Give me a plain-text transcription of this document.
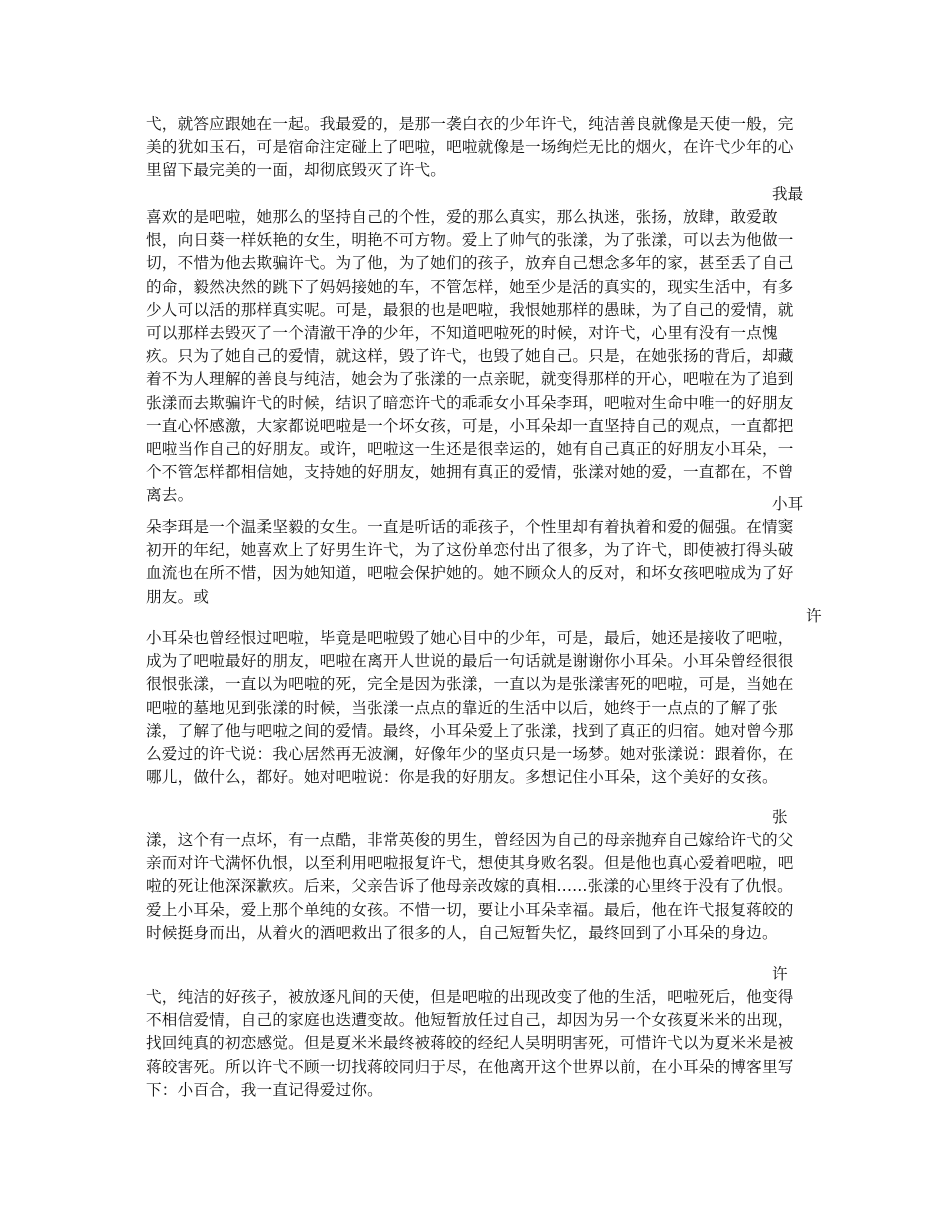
弋，就答应跟她在一起。我最爱的，是那一袭白衣的少年许弋，纯洁善良就像是天使一般，完美的犹如玉石，可是宿命注定碰上了吧啦，吧啦就像是一场绚烂无比的烟火，在许弋少年的心里留下最完美的一面，却彻底毁灭了许弋。

我最

喜欢的是吧啦，她那么的坚持自己的个性，爱的那么真实，那么执迷，张扬，放肆，敢爱敢恨，向日葵一样妖艳的女生，明艳不可方物。爱上了帅气的张漾，为了张漾，可以去为他做一切，不惜为他去欺骗许弋。为了他，为了她们的孩子，放弃自己想念多年的家，甚至丢了自己的命，毅然决然的跳下了妈妈接她的车，不管怎样，她至少是活的真实的，现实生活中，有多少人可以活的那样真实呢。可是，最狠的也是吧啦，我恨她那样的愚昧，为了自己的爱情，就可以那样去毁灭了一个清澈干净的少年，不知道吧啦死的时候，对许弋，心里有没有一点愧疚。只为了她自己的爱情，就这样，毁了许弋，也毁了她自己。只是，在她张扬的背后，却藏着不为人理解的善良与纯洁，她会为了张漾的一点亲昵，就变得那样的开心，吧啦在为了追到张漾而去欺骗许弋的时候，结识了暗恋许弋的乖乖女小耳朵李珥，吧啦对生命中唯一的好朋友一直心怀感激，大家都说吧啦是一个坏女孩，可是，小耳朵却一直坚持自己的观点，一直都把吧啦当作自己的好朋友。或许，吧啦这一生还是很幸运的，她有自己真正的好朋友小耳朵，一个不管怎样都相信她，支持她的好朋友，她拥有真正的爱情，张漾对她的爱，一直都在，不曾离去。	小耳

朵李珥是一个温柔坚毅的女生。一直是听话的乖孩子，个性里却有着执着和爱的倔强。在情窦初开的年纪，她喜欢上了好男生许弋，为了这份单恋付出了很多，为了许弋，即使被打得头破血流也在所不惜，因为她知道，吧啦会保护她的。她不顾众人的反对，和坏女孩吧啦成为了好朋友。或

许

小耳朵也曾经恨过吧啦，毕竟是吧啦毁了她心目中的少年，可是，最后，她还是接收了吧啦，成为了吧啦最好的朋友，吧啦在离开人世说的最后一句话就是谢谢你小耳朵。小耳朵曾经很很很恨张漾，一直以为吧啦的死，完全是因为张漾，一直以为是张漾害死的吧啦，可是，当她在吧啦的墓地见到张漾的时候，当张漾一点点的靠近的生活中以后，她终于一点点的了解了张漾，了解了他与吧啦之间的爱情。最终，小耳朵爱上了张漾，找到了真正的归宿。她对曾今那么爱过的许弋说：我心居然再无波澜，好像年少的坚贞只是一场梦。她对张漾说：跟着你，在哪儿，做什么，都好。她对吧啦说：你是我的好朋友。多想记住小耳朵，这个美好的女孩。

张

漾，这个有一点坏，有一点酷，非常英俊的男生，曾经因为自己的母亲抛弃自己嫁给许弋的父亲而对许弋满怀仇恨，以至利用吧啦报复许弋，想使其身败名裂。但是他也真心爱着吧啦，吧啦的死让他深深歉疚。后来，父亲告诉了他母亲改嫁的真相......张漾的心里终于没有了仇恨。爱上小耳朵，爱上那个单纯的女孩。不惜一切，要让小耳朵幸福。最后，他在许弋报复蒋皎的时候挺身而出，从着火的酒吧救出了很多的人，自己短暂失忆，最终回到了小耳朵的身边。

许

弋，纯洁的好孩子，被放逐凡间的天使，但是吧啦的出现改变了他的生活，吧啦死后，他变得不相信爱情，自己的家庭也迭遭变故。他短暂放任过自己，却因为另一个女孩夏米米的出现，找回纯真的初恋感觉。但是夏米米最终被蒋皎的经纪人吴明明害死，可惜许弋以为夏米米是被蒋皎害死。所以许弋不顾一切找蒋皎同归于尽，在他离开这个世界以前，在小耳朵的博客里写下：小百合，我一直记得爱过你。
